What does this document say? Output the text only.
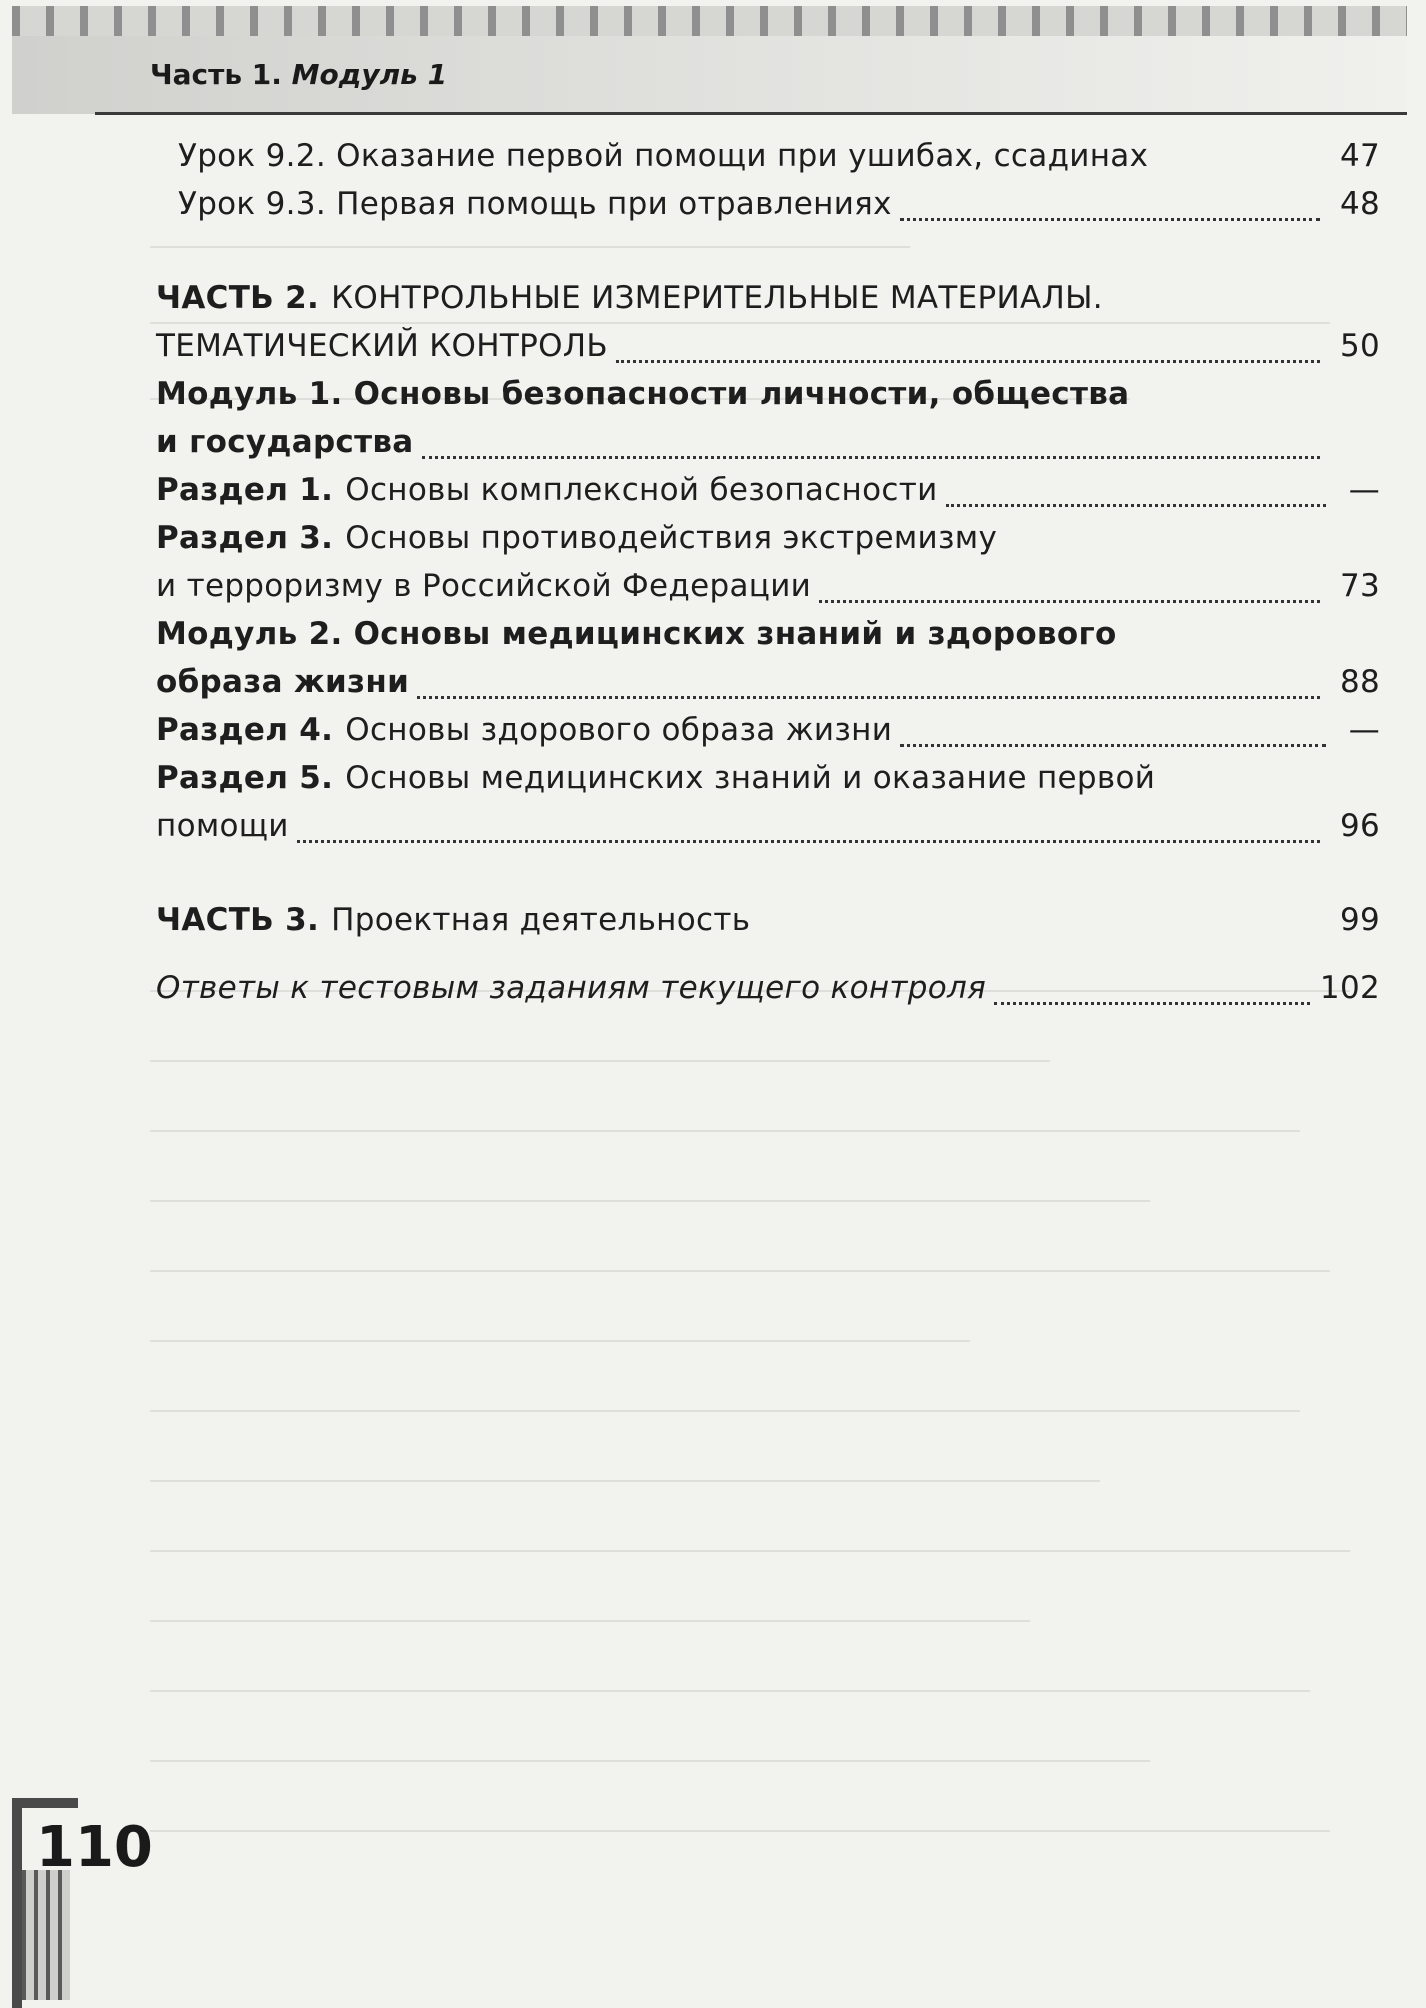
Часть 1. Модуль 1
Урок 9.2. Оказание первой помощи при ушибах, ссадинах	47
Урок 9.3. Первая помощь при отравлениях	48
ЧАСТЬ 2. КОНТРОЛЬНЫЕ ИЗМЕРИТЕЛЬНЫЕ МАТЕРИАЛЫ.
ТЕМАТИЧЕСКИЙ КОНТРОЛЬ	50
Модуль 1. Основы безопасности личности, общества
и государства
Раздел 1. Основы комплексной безопасности	—
Раздел 3. Основы противодействия экстремизму
и терроризму в Российской Федерации	73
Модуль 2. Основы медицинских знаний и здорового
образа жизни	88
Раздел 4. Основы здорового образа жизни	—
Раздел 5. Основы медицинских знаний и оказание первой
помощи	96
ЧАСТЬ 3. Проектная деятельность	99
Ответы к тестовым заданиям текущего контроля	102
110
